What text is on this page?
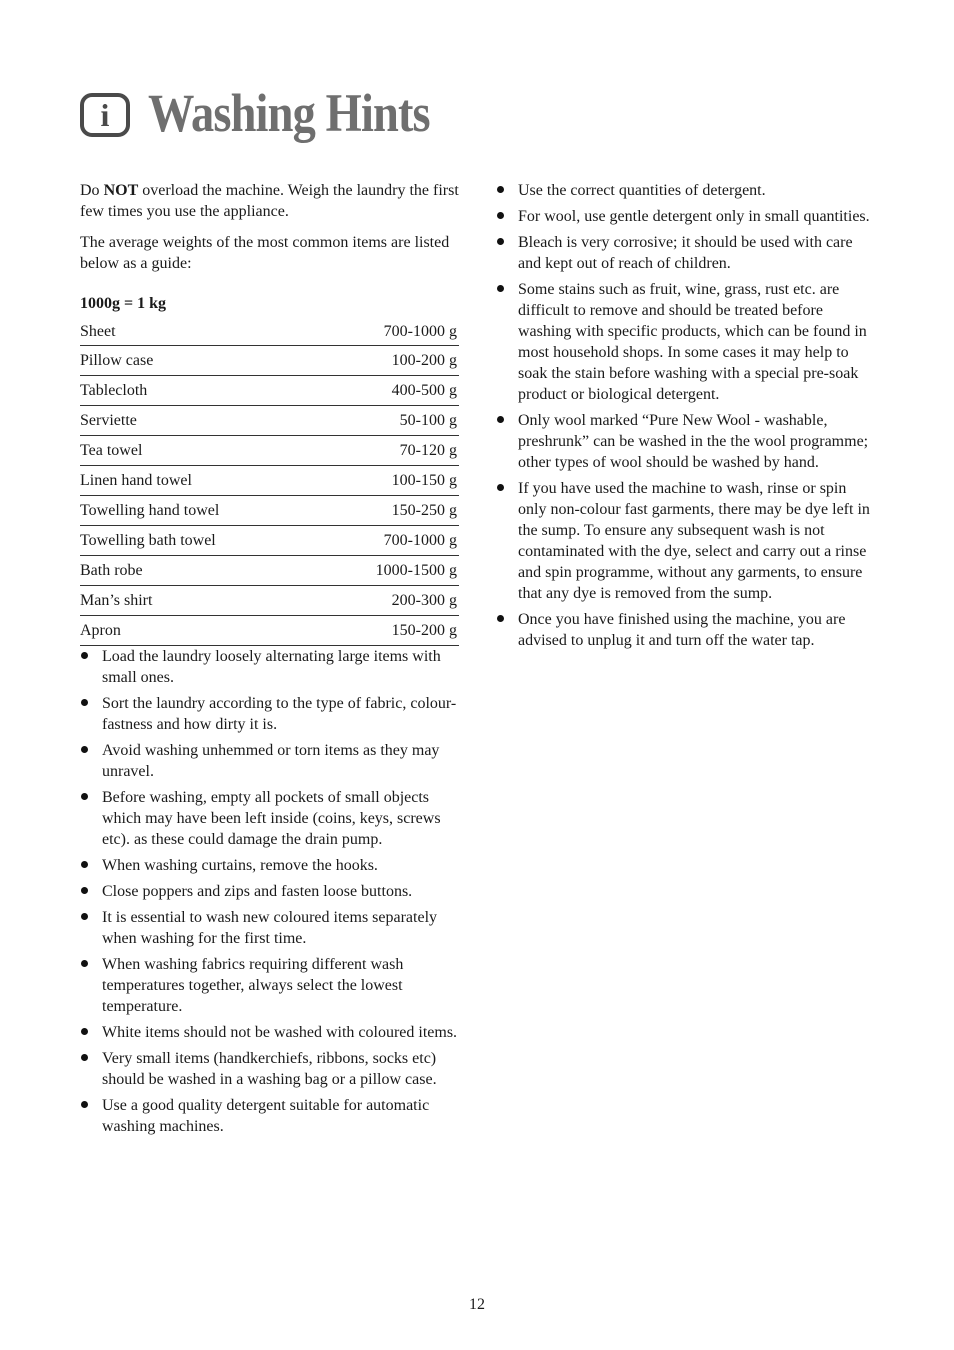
i Washing Hints

Do NOT overload the machine. Weigh the laundry the first few times you use the appliance.

The average weights of the most common items are listed below as a guide:

1000g = 1 kg
Sheet	700-1000 g
Pillow case	100-200 g
Tablecloth	400-500 g
Serviette	50-100 g
Tea towel	70-120 g
Linen hand towel	100-150 g
Towelling hand towel	150-250 g
Towelling bath towel	700-1000 g
Bath robe	1000-1500 g
Man’s shirt	200-300 g
Apron	150-200 g
Load the laundry loosely alternating large items with small ones.
Sort the laundry according to the type of fabric, colour-fastness and how dirty it is.
Avoid washing unhemmed or torn items as they may unravel.
Before washing, empty all pockets of small objects which may have been left inside (coins, keys, screws etc). as these could damage the drain pump.
When washing curtains, remove the hooks.
Close poppers and zips and fasten loose buttons.
It is essential to wash new coloured items separately when washing for the first time.
When washing fabrics requiring different wash temperatures together, always select the lowest temperature.
White items should not be washed with coloured items.
Very small items (handkerchiefs, ribbons, socks etc) should be washed in a washing bag or a pillow case.
Use a good quality detergent suitable for automatic washing machines.
Use the correct quantities of detergent.
For wool, use gentle detergent only in small quantities.
Bleach is very corrosive; it should be used with care and kept out of reach of children.
Some stains such as fruit, wine, grass, rust etc. are difficult to remove and should be treated before washing with specific products, which can be found in most household shops. In some cases it may help to soak the stain before washing with a special pre-soak product or biological detergent.
Only wool marked “Pure New Wool - washable, preshrunk” can be washed in the the wool programme; other types of wool should be washed by hand.
If you have used the machine to wash, rinse or spin only non-colour fast garments, there may be dye left in the sump. To ensure any subsequent wash is not contaminated with the dye, select and carry out a rinse and spin programme, without any garments, to ensure that any dye is removed from the sump.
Once you have finished using the machine, you are advised to unplug it and turn off the water tap.
12
